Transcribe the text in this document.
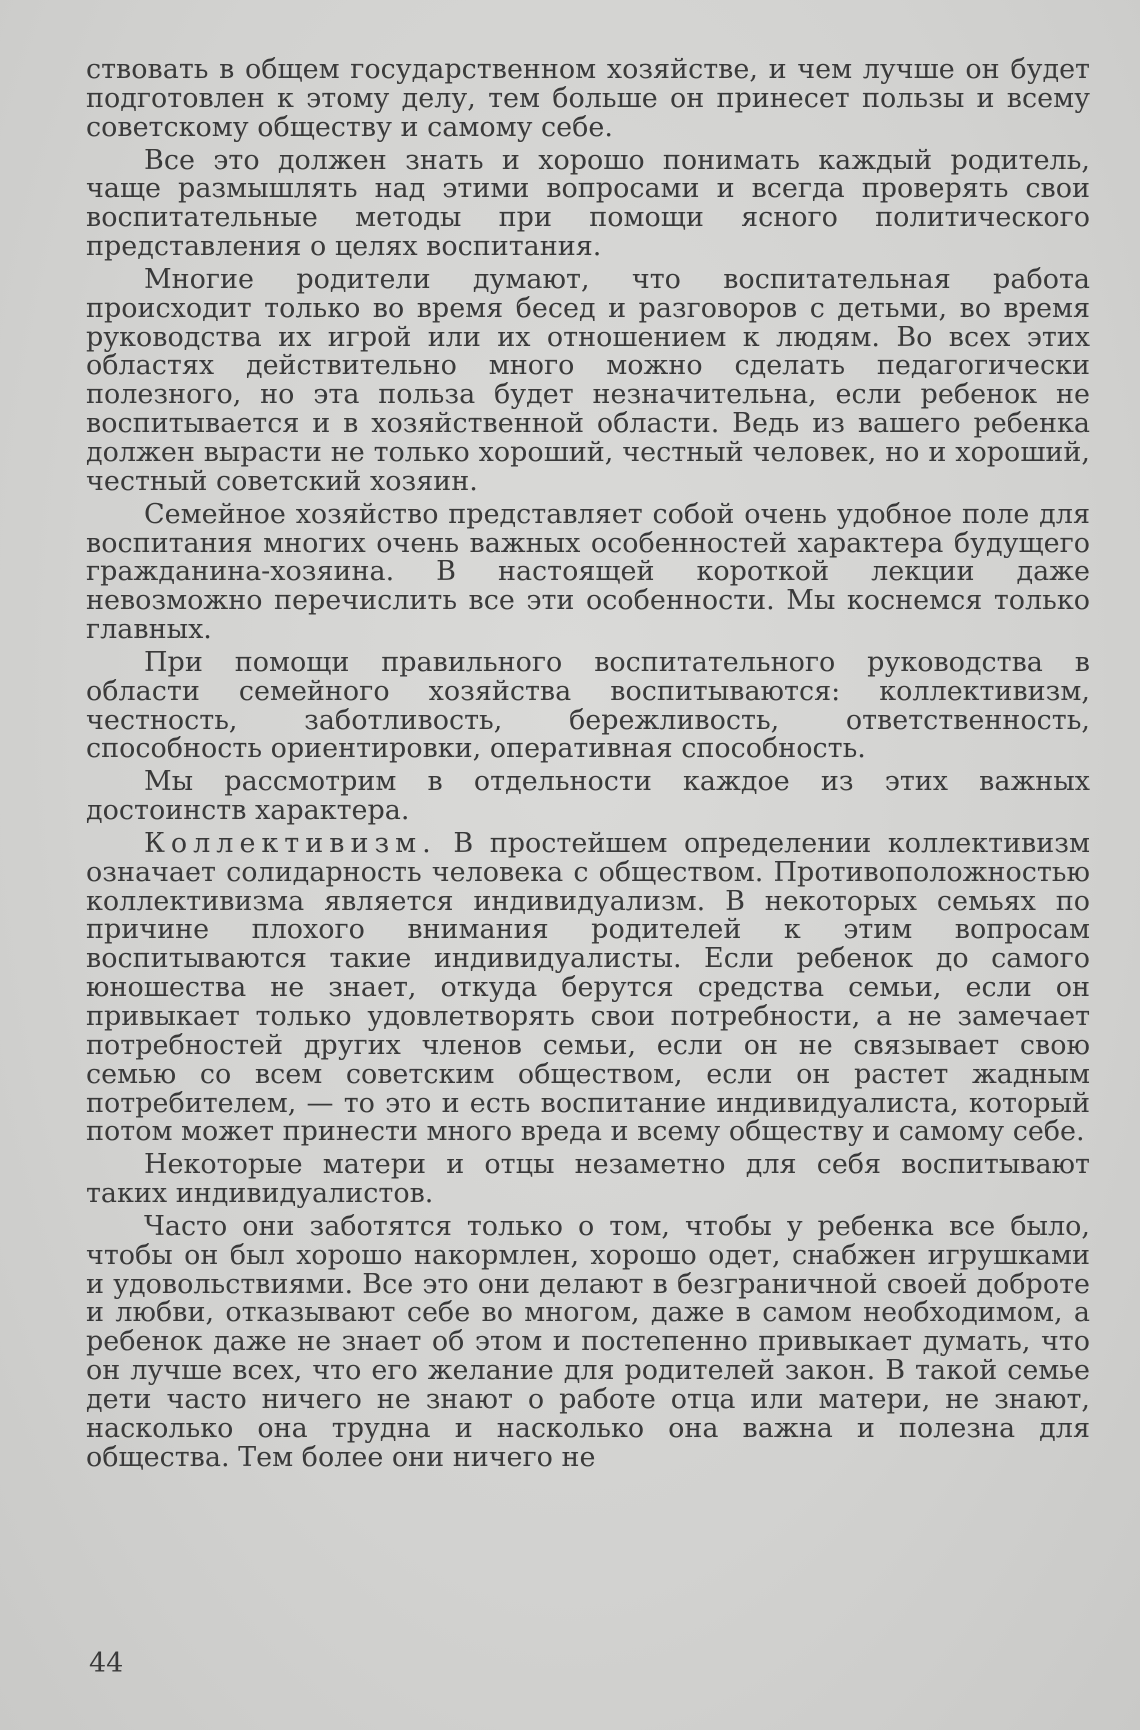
ствовать в общем государственном хозяйстве, и чем лучше он будет подготовлен к этому делу, тем больше он принесет пользы и всему советскому обществу и самому себе.

Все это должен знать и хорошо понимать каждый родитель, чаще размышлять над этими вопросами и всегда проверять свои воспитательные методы при помощи ясного политического представления о целях воспитания.

Многие родители думают, что воспитательная работа происходит только во время бесед и разговоров с детьми, во время руководства их игрой или их отношением к людям. Во всех этих областях действительно много можно сделать педагогически полезного, но эта польза будет незначительна, если ребенок не воспитывается и в хозяйственной области. Ведь из вашего ребенка должен вырасти не только хороший, честный человек, но и хороший, честный советский хозяин.

Семейное хозяйство представляет собой очень удобное поле для воспитания многих очень важных особенностей характера будущего гражданина-хозяина. В настоящей короткой лекции даже невозможно перечислить все эти особенности. Мы коснемся только главных.

При помощи правильного воспитательного руководства в области семейного хозяйства воспитываются: коллективизм, честность, заботливость, бережливость, ответственность, способность ориентировки, оперативная способность.

Мы рассмотрим в отдельности каждое из этих важных достоинств характера.

Коллективизм. В простейшем определении коллективизм означает солидарность человека с обществом. Противоположностью коллективизма является индивидуализм. В некоторых семьях по причине плохого внимания родителей к этим вопросам воспитываются такие индивидуалисты. Если ребенок до самого юношества не знает, откуда берутся средства семьи, если он привыкает только удовлетворять свои потребности, а не замечает потребностей других членов семьи, если он не связывает свою семью со всем советским обществом, если он растет жадным потребителем, — то это и есть воспитание индивидуалиста, который потом может принести много вреда и всему обществу и самому себе.

Некоторые матери и отцы незаметно для себя воспитывают таких индивидуалистов.

Часто они заботятся только о том, чтобы у ребенка все было, чтобы он был хорошо накормлен, хорошо одет, снабжен игрушками и удовольствиями. Все это они делают в безграничной своей доброте и любви, отказывают себе во многом, даже в самом необходимом, а ребенок даже не знает об этом и постепенно привыкает думать, что он лучше всех, что его желание для родителей закон. В такой семье дети часто ничего не знают о работе отца или матери, не знают, насколько она трудна и насколько она важна и полезна для общества. Тем более они ничего не

44
